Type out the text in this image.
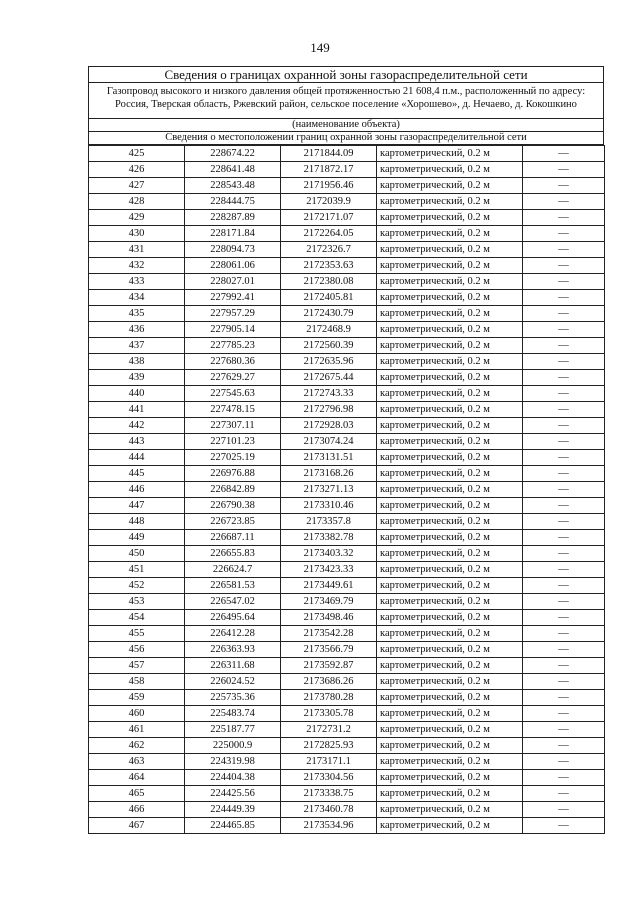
149
Сведения о границах охранной зоны газораспределительной сети
Газопровод высокого и низкого давления общей протяженностью 21 608,4 п.м., расположенный по адресу: Россия, Тверская область, Ржевский район, сельское поселение «Хорошево», д. Нечаево, д. Кокошкино
(наименование объекта)
Сведения о местоположении границ охранной зоны газораспределительной сети
425	228674.22	2171844.09	картометрический, 0.2 м	—
426	228641.48	2171872.17	картометрический, 0.2 м	—
427	228543.48	2171956.46	картометрический, 0.2 м	—
428	228444.75	2172039.9	картометрический, 0.2 м	—
429	228287.89	2172171.07	картометрический, 0.2 м	—
430	228171.84	2172264.05	картометрический, 0.2 м	—
431	228094.73	2172326.7	картометрический, 0.2 м	—
432	228061.06	2172353.63	картометрический, 0.2 м	—
433	228027.01	2172380.08	картометрический, 0.2 м	—
434	227992.41	2172405.81	картометрический, 0.2 м	—
435	227957.29	2172430.79	картометрический, 0.2 м	—
436	227905.14	2172468.9	картометрический, 0.2 м	—
437	227785.23	2172560.39	картометрический, 0.2 м	—
438	227680.36	2172635.96	картометрический, 0.2 м	—
439	227629.27	2172675.44	картометрический, 0.2 м	—
440	227545.63	2172743.33	картометрический, 0.2 м	—
441	227478.15	2172796.98	картометрический, 0.2 м	—
442	227307.11	2172928.03	картометрический, 0.2 м	—
443	227101.23	2173074.24	картометрический, 0.2 м	—
444	227025.19	2173131.51	картометрический, 0.2 м	—
445	226976.88	2173168.26	картометрический, 0.2 м	—
446	226842.89	2173271.13	картометрический, 0.2 м	—
447	226790.38	2173310.46	картометрический, 0.2 м	—
448	226723.85	2173357.8	картометрический, 0.2 м	—
449	226687.11	2173382.78	картометрический, 0.2 м	—
450	226655.83	2173403.32	картометрический, 0.2 м	—
451	226624.7	2173423.33	картометрический, 0.2 м	—
452	226581.53	2173449.61	картометрический, 0.2 м	—
453	226547.02	2173469.79	картометрический, 0.2 м	—
454	226495.64	2173498.46	картометрический, 0.2 м	—
455	226412.28	2173542.28	картометрический, 0.2 м	—
456	226363.93	2173566.79	картометрический, 0.2 м	—
457	226311.68	2173592.87	картометрический, 0.2 м	—
458	226024.52	2173686.26	картометрический, 0.2 м	—
459	225735.36	2173780.28	картометрический, 0.2 м	—
460	225483.74	2173305.78	картометрический, 0.2 м	—
461	225187.77	2172731.2	картометрический, 0.2 м	—
462	225000.9	2172825.93	картометрический, 0.2 м	—
463	224319.98	2173171.1	картометрический, 0.2 м	—
464	224404.38	2173304.56	картометрический, 0.2 м	—
465	224425.56	2173338.75	картометрический, 0.2 м	—
466	224449.39	2173460.78	картометрический, 0.2 м	—
467	224465.85	2173534.96	картометрический, 0.2 м	—
